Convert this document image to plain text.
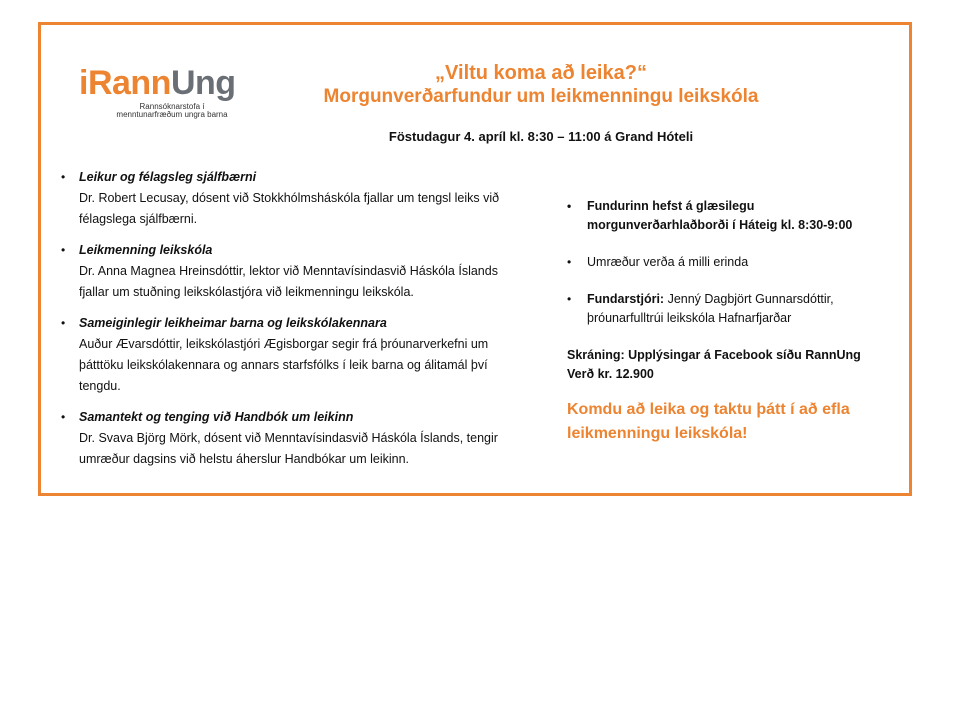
iRannUng
Rannsóknarstofa í
menntunarfræðum ungra barna
„Viltu koma að leika?“
Morgunverðarfundur um leikmenningu leikskóla
Föstudagur 4. apríl kl. 8:30 – 11:00 á Grand Hóteli
• Leikur og félagsleg sjálfbærni
Dr. Robert Lecusay, dósent við Stokkhólmsháskóla fjallar um tengsl leiks við félagslega sjálfbærni.
• Leikmenning leikskóla
Dr. Anna Magnea Hreinsdóttir, lektor við Menntavísindasvið Háskóla Íslands fjallar um stuðning leikskólastjóra við leikmenningu leikskóla.
• Sameiginlegir leikheimar barna og leikskólakennara
Auður Ævarsdóttir, leikskólastjóri Ægisborgar segir frá þróunarverkefni um þátttöku leikskólakennara og annars starfsfólks í leik barna og álitamál því tengdu.
• Samantekt og tenging við Handbók um leikinn
Dr. Svava Björg Mörk, dósent við Menntavísindasvið Háskóla Íslands, tengir umræður dagsins við helstu áherslur Handbókar um leikinn.
• Fundurinn hefst á glæsilegu morgunverðarhlaðborði í Háteig kl. 8:30-9:00
• Umræður verða á milli erinda
• Fundarstjóri: Jenný Dagbjört Gunnarsdóttir, þróunarfulltrúi leikskóla Hafnarfjarðar
Skráning: Upplýsingar á Facebook síðu RannUng
Verð kr. 12.900
Komdu að leika og taktu þátt í að efla leikmenningu leikskóla!
